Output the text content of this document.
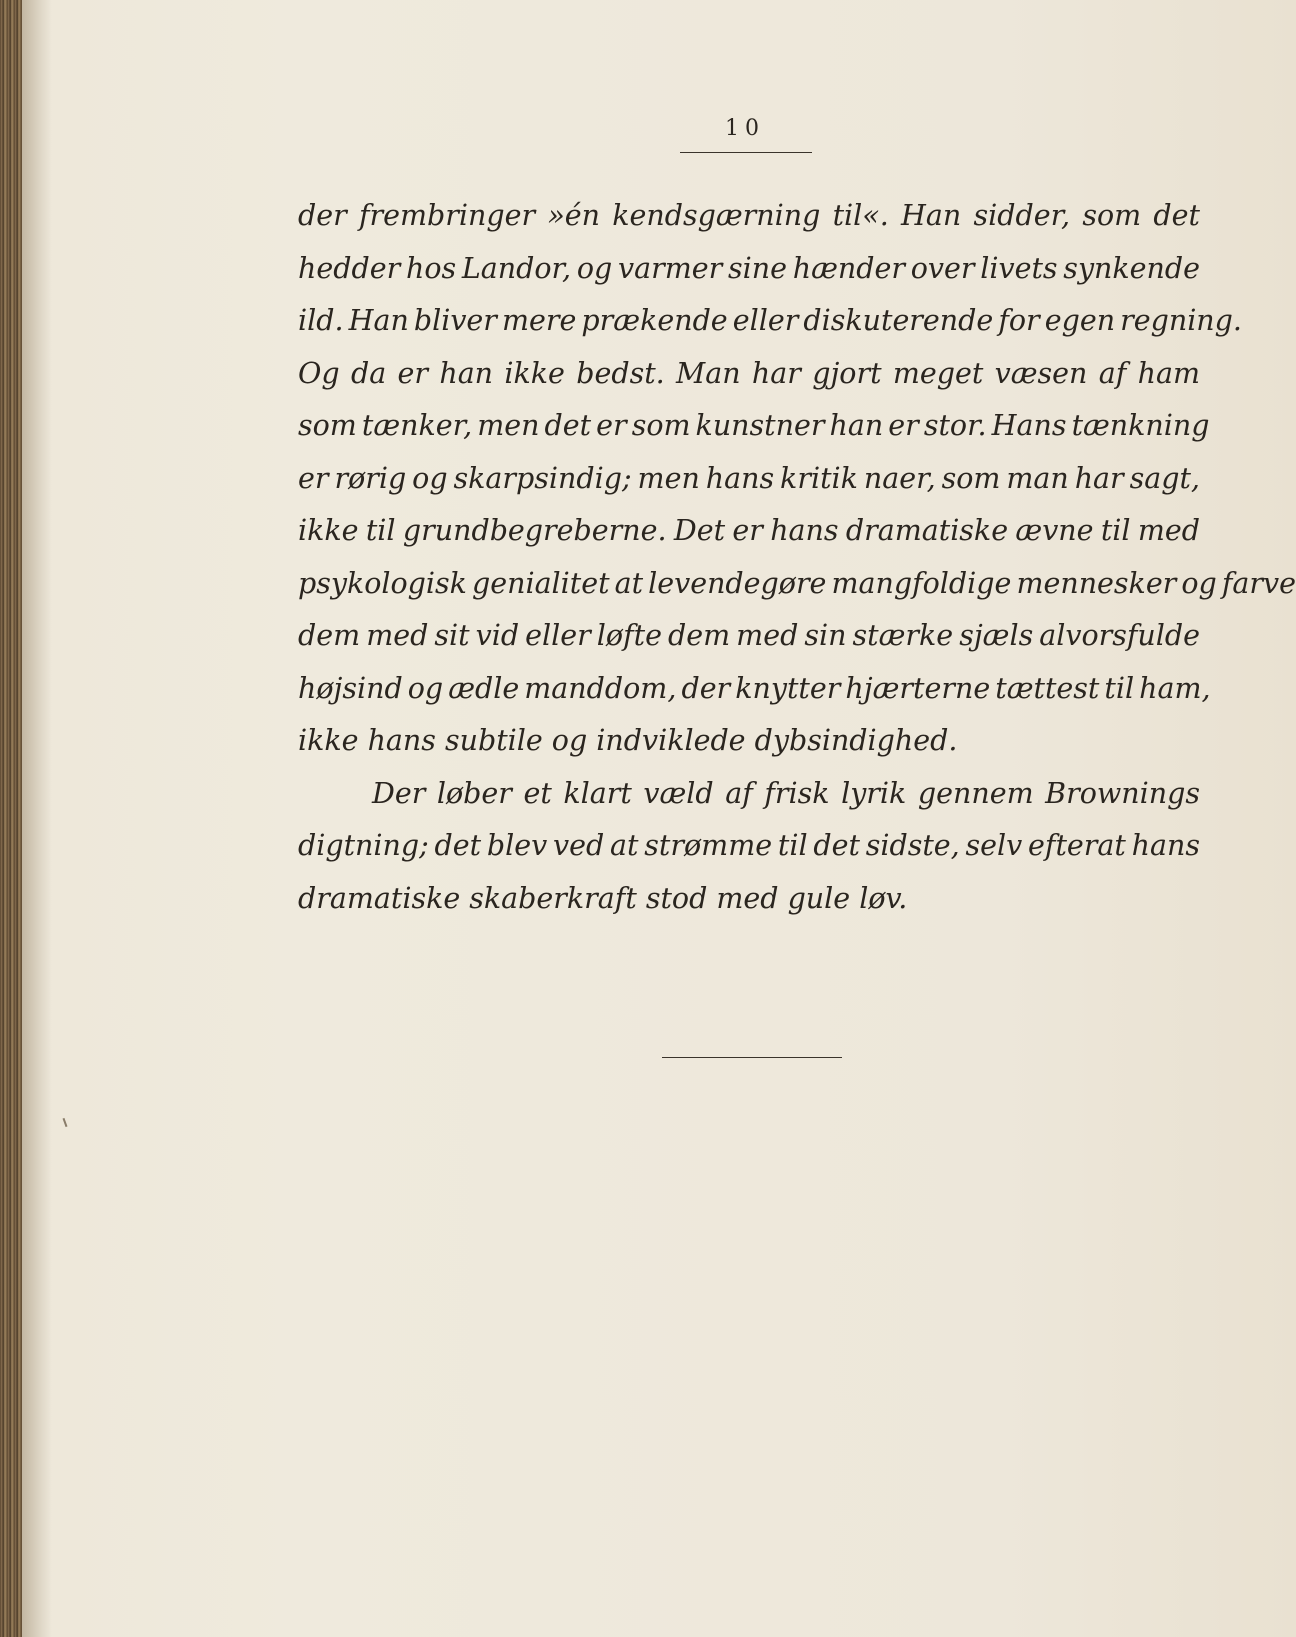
10
der frembringer »én kendsgærning til«. Han sidder, som det
hedder hos Landor, og varmer sine hænder over livets synkende
ild. Han bliver mere prækende eller diskuterende for egen regning.
Og da er han ikke bedst. Man har gjort meget væsen af ham
som tænker, men det er som kunstner han er stor. Hans tænkning
er rørig og skarpsindig; men hans kritik naer, som man har sagt,
ikke til grundbegreberne. Det er hans dramatiske ævne til med
psykologisk genialitet at levendegøre mangfoldige mennesker og farve
dem med sit vid eller løfte dem med sin stærke sjæls alvorsfulde
højsind og ædle manddom, der knytter hjærterne tættest til ham,
ikke hans subtile og indviklede dybsindighed.
Der løber et klart væld af frisk lyrik gennem Brownings
digtning; det blev ved at strømme til det sidste, selv efterat hans
dramatiske skaberkraft stod med gule løv.
